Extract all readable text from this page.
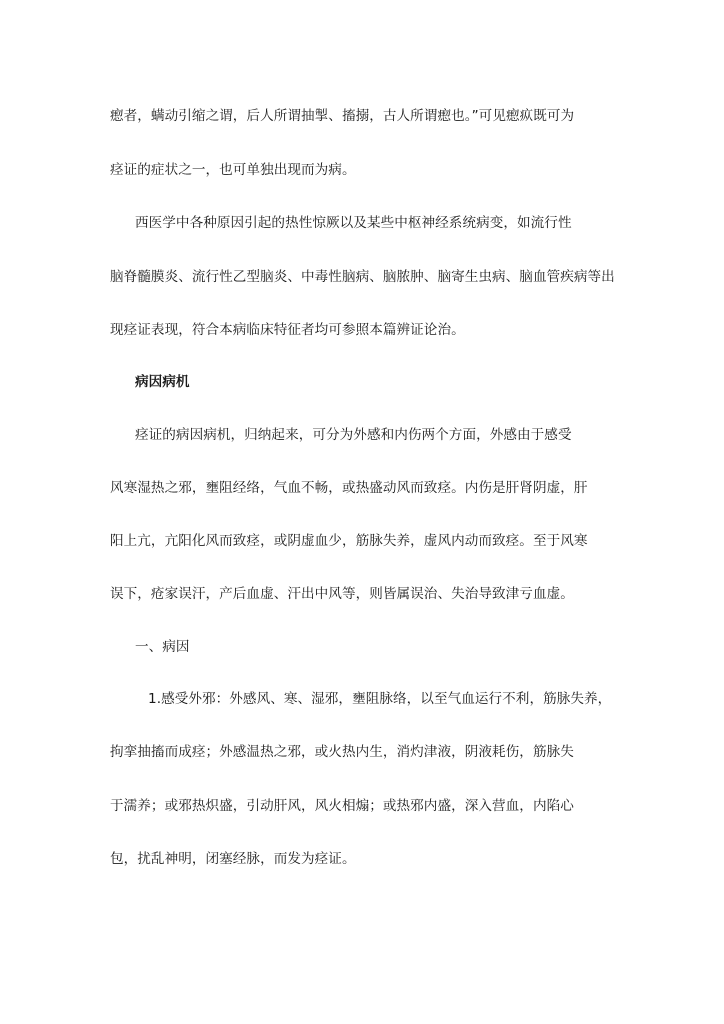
瘛者，螨动引缩之谓，后人所谓抽掣、搐搦，古人所谓瘛也。”可见瘛疭既可为
痉证的症状之一，也可单独出现而为病。
西医学中各种原因引起的热性惊厥以及某些中枢神经系统病变，如流行性
脑脊髓膜炎、流行性乙型脑炎、中毒性脑病、脑脓肿、脑寄生虫病、脑血管疾病等出
现痉证表现，符合本病临床特征者均可参照本篇辨证论治。
病因病机
痉证的病因病机，归纳起来，可分为外感和内伤两个方面，外感由于感受
风寒湿热之邪，壅阻经络，气血不畅，或热盛动风而致痉。内伤是肝肾阴虚，肝
阳上亢，亢阳化风而致痉，或阴虚血少，筋脉失养，虚风内动而致痉。至于风寒
误下，疮家误汗，产后血虚、汗出中风等，则皆属误治、失治导致津亏血虚。
一、病因
1.感受外邪：外感风、寒、湿邪，壅阻脉络，以至气血运行不利，筋脉失养，
拘挛抽搐而成痉；外感温热之邪，或火热内生，消灼津液，阴液耗伤，筋脉失
于濡养；或邪热炽盛，引动肝风，风火相煽；或热邪内盛，深入营血，内陷心
包，扰乱神明，闭塞经脉，而发为痉证。
